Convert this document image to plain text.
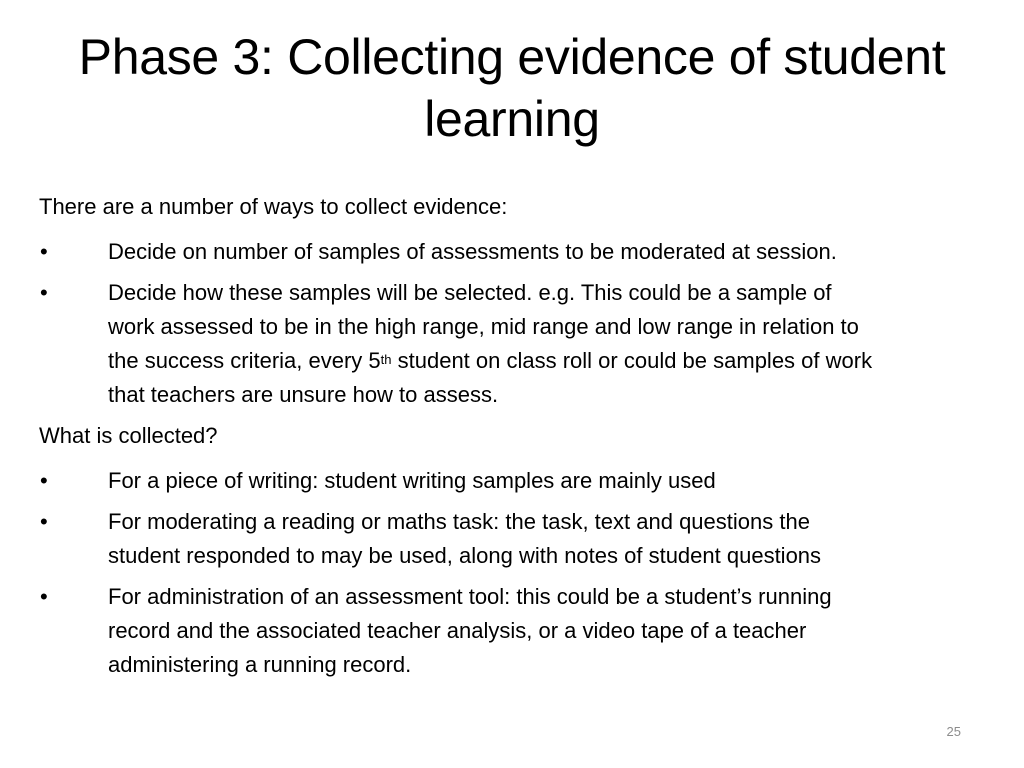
Phase 3: Collecting evidence of student learning

There are a number of ways to collect evidence:

•	Decide on number of samples of assessments to be moderated at session.
•	Decide how these samples will be selected. e.g. This could be a sample of
work assessed to be in the high range, mid range and low range in relation to
the success criteria, every 5th student on class roll or could be samples of work
that teachers are unsure how to assess.

What is collected?

•	For a piece of writing: student writing samples are mainly used
•	For moderating a reading or maths task: the task, text and questions the
student responded to may be used, along with notes of student questions
•	For administration of an assessment tool: this could be a student’s running
record and the associated teacher analysis, or a video tape of a teacher
administering a running record.
25
